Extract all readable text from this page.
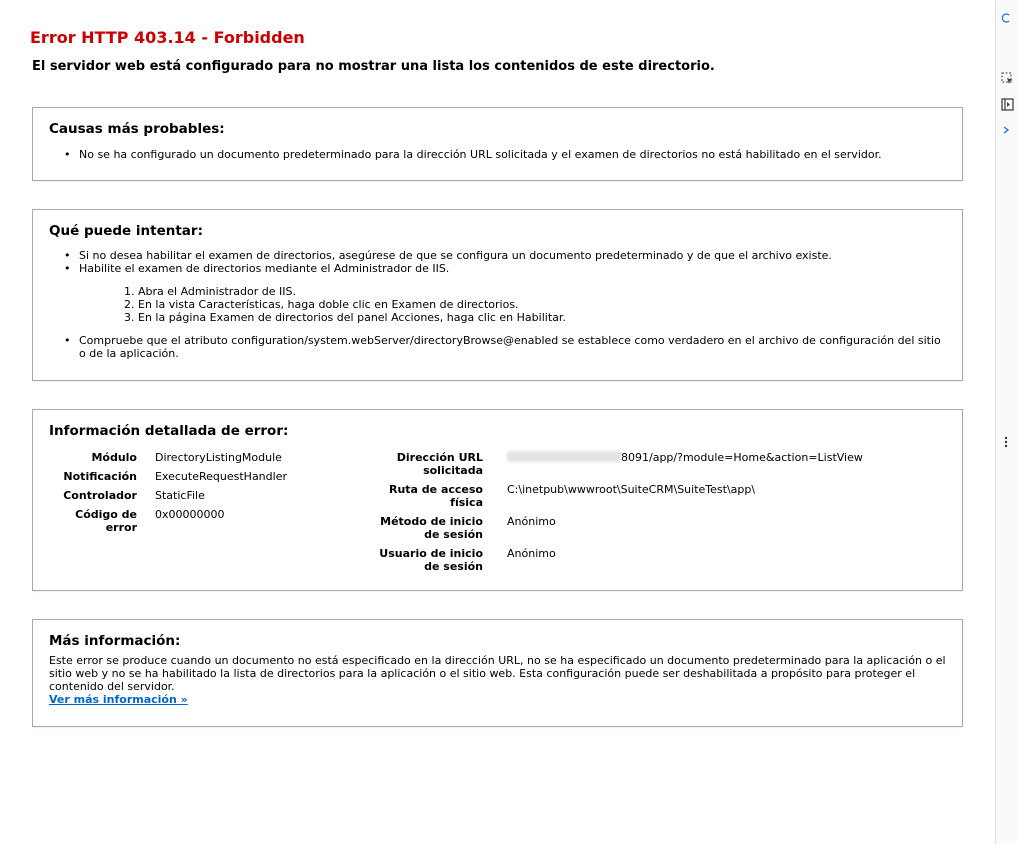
Error HTTP 403.14 - Forbidden
El servidor web está configurado para no mostrar una lista los contenidos de este directorio.
Causas más probables:
• No se ha configurado un documento predeterminado para la dirección URL solicitada y el examen de directorios no está habilitado en el servidor.
Qué puede intentar:
• Si no desea habilitar el examen de directorios, asegúrese de que se configura un documento predeterminado y de que el archivo existe.
• Habilite el examen de directorios mediante el Administrador de IIS.
1. Abra el Administrador de IIS.
2. En la vista Características, haga doble clic en Examen de directorios.
3. En la página Examen de directorios del panel Acciones, haga clic en Habilitar.
• Compruebe que el atributo configuration/system.webServer/directoryBrowse@enabled se establece como verdadero en el archivo de configuración del sitio o de la aplicación.
Información detallada de error:
Módulo DirectoryListingModule
Notificación ExecuteRequestHandler
Controlador StaticFile
Código de error
0x00000000
Dirección URL solicitada
8091/app/?module=Home&action=ListView
Ruta de acceso física
C:\inetpub\wwwroot\SuiteCRM\SuiteTest\app\
Método de inicio de sesión
Anónimo
Usuario de inicio de sesión
Anónimo
Más información:
Este error se produce cuando un documento no está especificado en la dirección URL, no se ha especificado un documento predeterminado para la aplicación o el sitio web y no se ha habilitado la lista de directorios para la aplicación o el sitio web. Esta configuración puede ser deshabilitada a propósito para proteger el contenido del servidor.
Ver más información »
